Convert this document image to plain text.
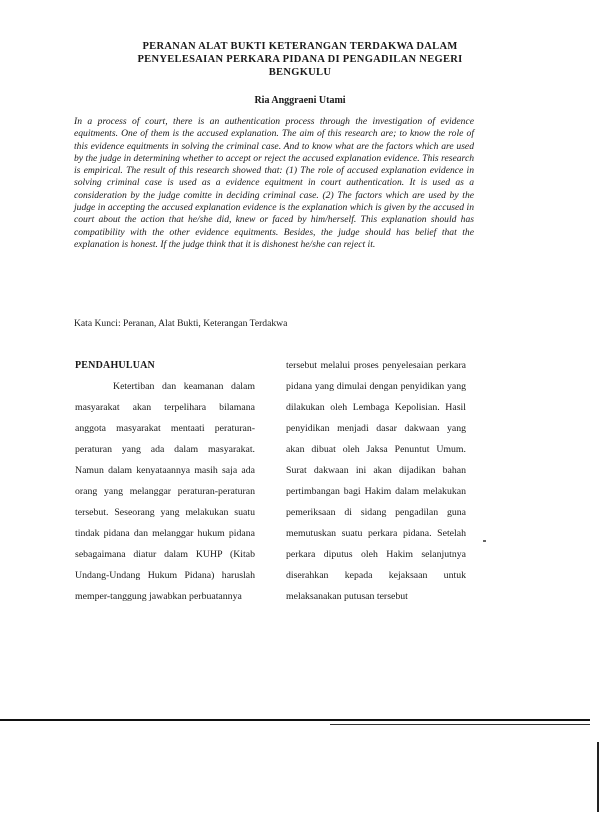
PERANAN ALAT BUKTI KETERANGAN TERDAKWA DALAM
PENYELESAIAN PERKARA PIDANA DI PENGADILAN NEGERI
BENGKULU

Ria Anggraeni Utami

In a process of court, there is an authentication process through the investigation of evidence equitments. One of them is the accused explanation. The aim of this research are; to know the role of this evidence equitments in solving the criminal case. And to know what are the factors which are used by the judge in determining whether to accept or reject the accused explanation evidence. This research is empirical. The result of this research showed that: (1) The role of accused explanation evidence in solving criminal case is used as a evidence equitment in court authentication. It is used as a consideration by the judge comitte in deciding criminal case. (2) The factors which are used by the judge in accepting the accused explanation evidence is the explanation which is given by the accused in court about the action that he/she did, knew or faced by him/herself. This explanation should has compatibility with the other evidence equitments. Besides, the judge should has belief that the explanation is honest. If the judge think that it is dishonest he/she can reject it.

Kata Kunci: Peranan, Alat Bukti, Keterangan Terdakwa

PENDAHULUAN

Ketertiban dan keamanan dalam masyarakat akan terpelihara bilamana anggota masyarakat mentaati peraturan-peraturan yang ada dalam masyarakat. Namun dalam kenyataannya masih saja ada orang yang melanggar peraturan-peraturan tersebut. Seseorang yang melakukan suatu tindak pidana dan melanggar hukum pidana sebagaimana diatur dalam KUHP (Kitab Undang-Undang Hukum Pidana) haruslah memper-tanggung jawabkan perbuatannya

tersebut melalui proses penyelesaian perkara pidana yang dimulai dengan penyidikan yang dilakukan oleh Lembaga Kepolisian. Hasil penyidikan menjadi dasar dakwaan yang akan dibuat oleh Jaksa Penuntut Umum. Surat dakwaan ini akan dijadikan bahan pertimbangan bagi Hakim dalam melakukan pemeriksaan di sidang pengadilan guna memutuskan suatu perkara pidana. Setelah perkara diputus oleh Hakim selanjutnya diserahkan kepada kejaksaan untuk melaksanakan putusan tersebut
